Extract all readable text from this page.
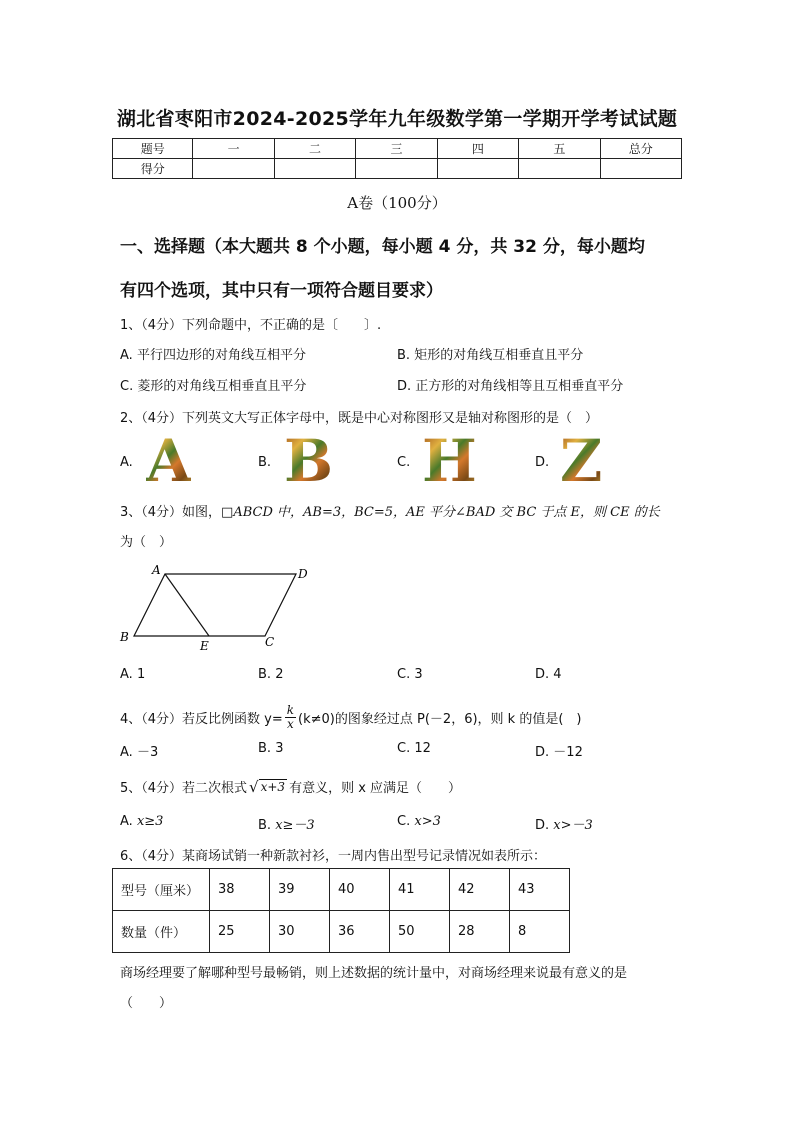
湖北省枣阳市2024-2025学年九年级数学第一学期开学考试试题
题号	一	二	三	四	五	总分
得分						
A卷（100分）
一、选择题（本大题共 8 个小题，每小题 4 分，共 32 分，每小题均
有四个选项，其中只有一项符合题目要求）
1、（4分）下列命题中，不正确的是〔　　〕.
A. 平行四边形的对角线互相平分	B. 矩形的对角线互相垂直且平分
C. 菱形的对角线互相垂直且平分	D. 正方形的对角线相等且互相垂直平分
2、（4分）下列英文大写正体字母中，既是中心对称图形又是轴对称图形的是（　）
A. A	B. B	C. H	D. Z
3、（4分）如图，□ABCD 中，AB=3，BC=5，AE 平分∠BAD 交 BC 于点 E，则 CE 的长
为（　）
A	D
B	C
E
A. 1	B. 2	C. 3	D. 4
4、（4分）若反比例函数 $y= \frac{k}{x} (k\ne 0)$的图象经过点 P(－2，6)，则 k 的值是(　)
A. －3	B. 3	C. 12	D. －12
5、（4分）若二次根式 √ x+3 有意义，则 x 应满足（　　）
A. x≥3	B. x≥－3	C. x>3	D. x>－3
6、（4分）某商场试销一种新款衬衫，一周内售出型号记录情况如表所示：
型号（厘米）	38	39	40	41	42	43
数量（件）	25	30	36	50	28	8
商场经理要了解哪种型号最畅销，则上述数据的统计量中，对商场经理来说最有意义的是
（　　）
